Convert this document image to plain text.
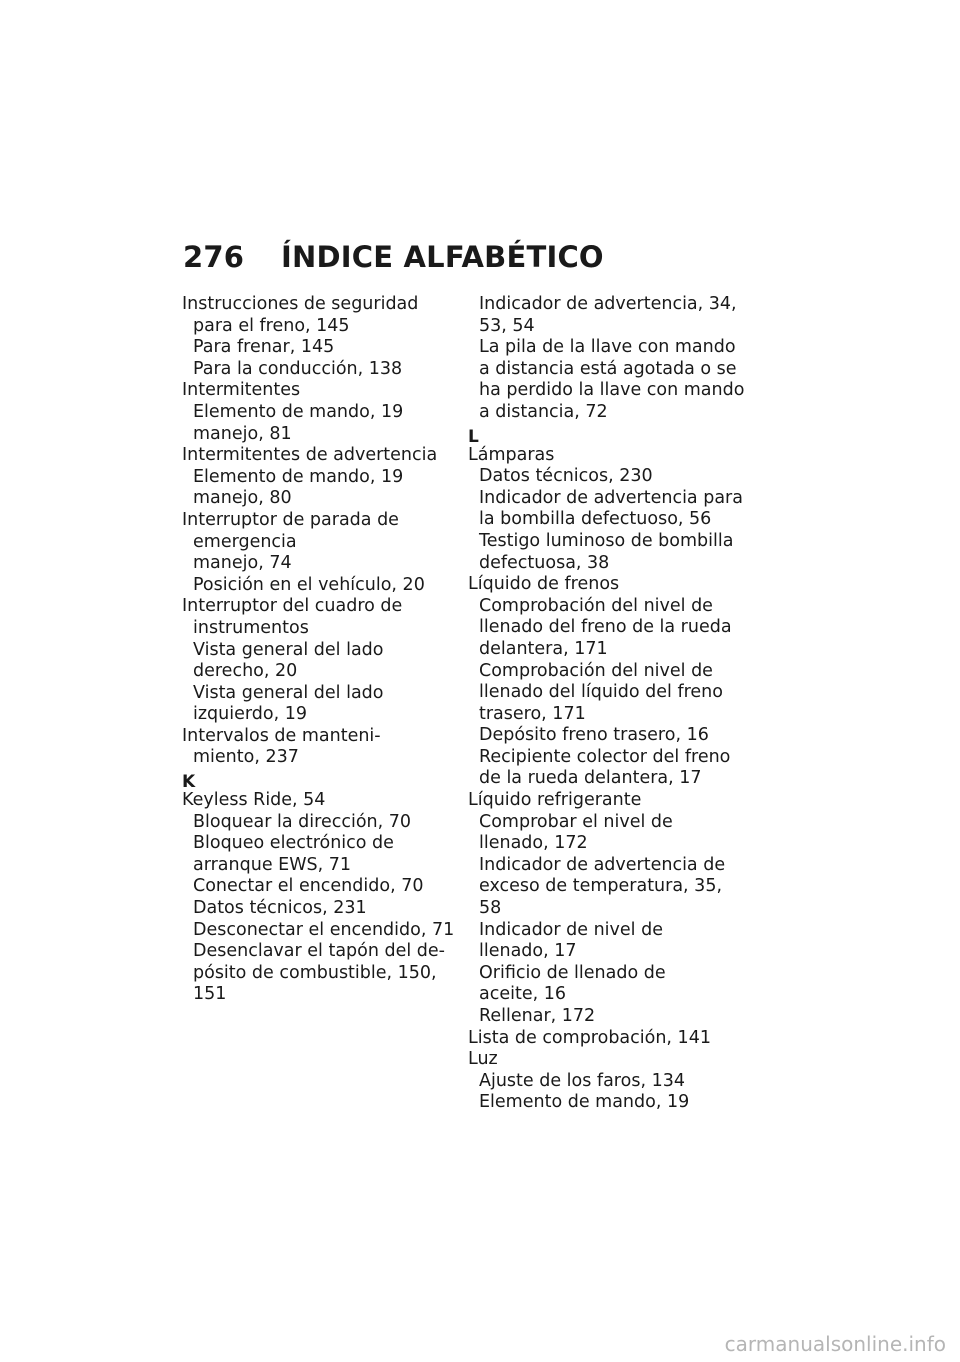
276 ÍNDICE ALFABÉTICO
Instrucciones de seguridad
para el freno, 145
Para frenar, 145
Para la conducción, 138
Intermitentes
Elemento de mando, 19
manejo, 81
Intermitentes de advertencia
Elemento de mando, 19
manejo, 80
Interruptor de parada de
emergencia
manejo, 74
Posición en el vehículo, 20
Interruptor del cuadro de
instrumentos
Vista general del lado
derecho, 20
Vista general del lado
izquierdo, 19
Intervalos de manteni-
miento, 237
K
Keyless Ride, 54
Bloquear la dirección, 70
Bloqueo electrónico de
arranque EWS, 71
Conectar el encendido, 70
Datos técnicos, 231
Desconectar el encendido, 71
Desenclavar el tapón del de-
pósito de combustible, 150,
151
Indicador de advertencia, 34,
53, 54
La pila de la llave con mando
a distancia está agotada o se
ha perdido la llave con mando
a distancia, 72
L
Lámparas
Datos técnicos, 230
Indicador de advertencia para
la bombilla defectuoso, 56
Testigo luminoso de bombilla
defectuosa, 38
Líquido de frenos
Comprobación del nivel de
llenado del freno de la rueda
delantera, 171
Comprobación del nivel de
llenado del líquido del freno
trasero, 171
Depósito freno trasero, 16
Recipiente colector del freno
de la rueda delantera, 17
Líquido refrigerante
Comprobar el nivel de
llenado, 172
Indicador de advertencia de
exceso de temperatura, 35,
58
Indicador de nivel de
llenado, 17
Orificio de llenado de
aceite, 16
Rellenar, 172
Lista de comprobación, 141
Luz
Ajuste de los faros, 134
Elemento de mando, 19
carmanualsonline.info
